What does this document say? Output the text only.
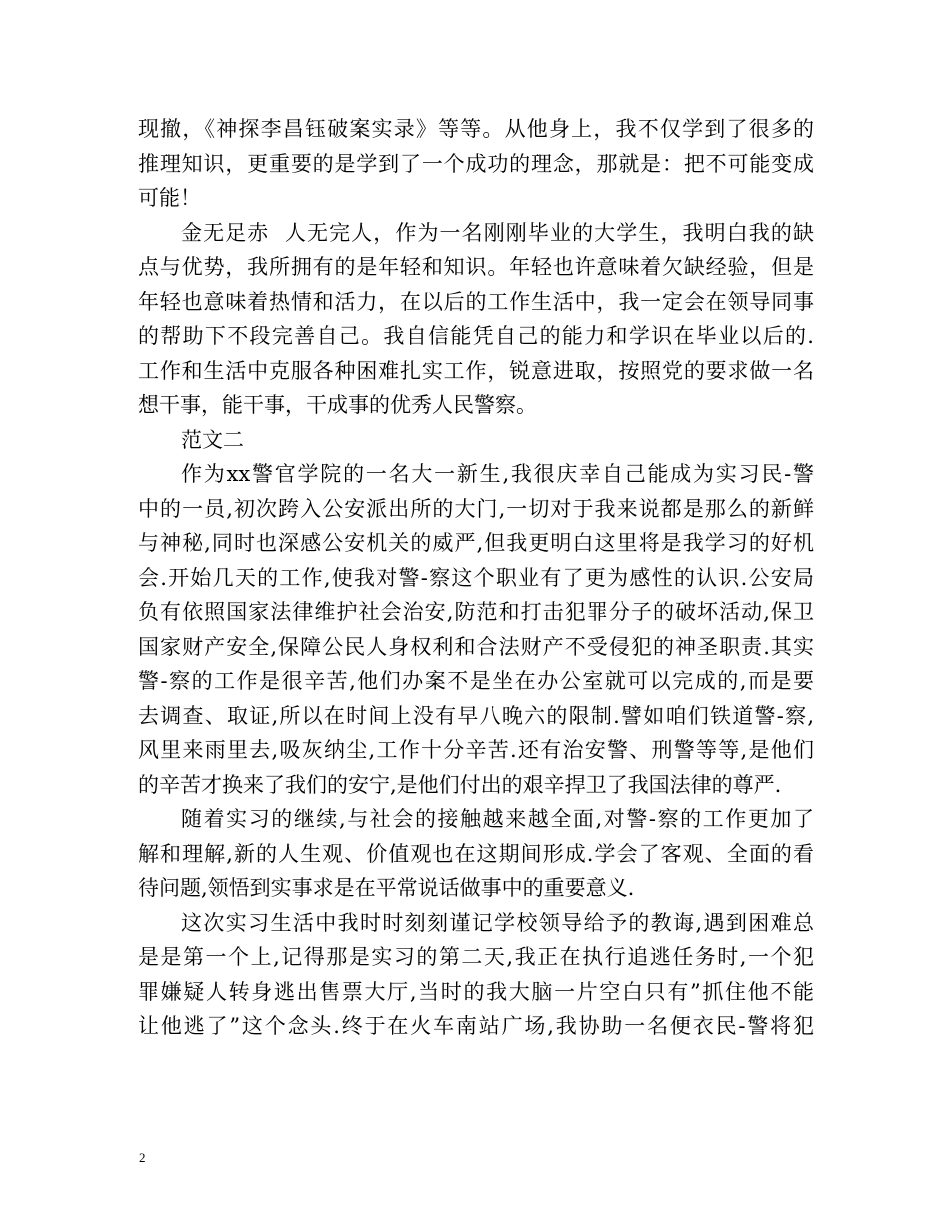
现撤，《神探李昌钰破案实录》等等。从他身上，我不仅学到了很多的
推理知识，更重要的是学到了一个成功的理念，那就是：把不可能变成
可能！
金无足赤  人无完人，作为一名刚刚毕业的大学生，我明白我的缺
点与优势，我所拥有的是年轻和知识。年轻也许意味着欠缺经验，但是
年轻也意味着热情和活力，在以后的工作生活中，我一定会在领导同事
的帮助下不段完善自己。我自信能凭自己的能力和学识在毕业以后的.
工作和生活中克服各种困难扎实工作，锐意进取，按照党的要求做一名
想干事，能干事，干成事的优秀人民警察。
范文二
作为xx警官学院的一名大一新生,我很庆幸自己能成为实习民-警
中的一员,初次跨入公安派出所的大门,一切对于我来说都是那么的新鲜
与神秘,同时也深感公安机关的威严,但我更明白这里将是我学习的好机
会.开始几天的工作,使我对警-察这个职业有了更为感性的认识.公安局
负有依照国家法律维护社会治安,防范和打击犯罪分子的破坏活动,保卫
国家财产安全,保障公民人身权利和合法财产不受侵犯的神圣职责.其实
警-察的工作是很辛苦,他们办案不是坐在办公室就可以完成的,而是要
去调查、取证,所以在时间上没有早八晚六的限制.譬如咱们铁道警-察,
风里来雨里去,吸灰纳尘,工作十分辛苦.还有治安警、刑警等等,是他们
的辛苦才换来了我们的安宁,是他们付出的艰辛捍卫了我国法律的尊严.
随着实习的继续,与社会的接触越来越全面,对警-察的工作更加了
解和理解,新的人生观、价值观也在这期间形成.学会了客观、全面的看
待问题,领悟到实事求是在平常说话做事中的重要意义.
这次实习生活中我时时刻刻谨记学校领导给予的教诲,遇到困难总
是是第一个上,记得那是实习的第二天,我正在执行追逃任务时,一个犯
罪嫌疑人转身逃出售票大厅,当时的我大脑一片空白只有”抓住他不能
让他逃了”这个念头.终于在火车南站广场,我协助一名便衣民-警将犯
2
